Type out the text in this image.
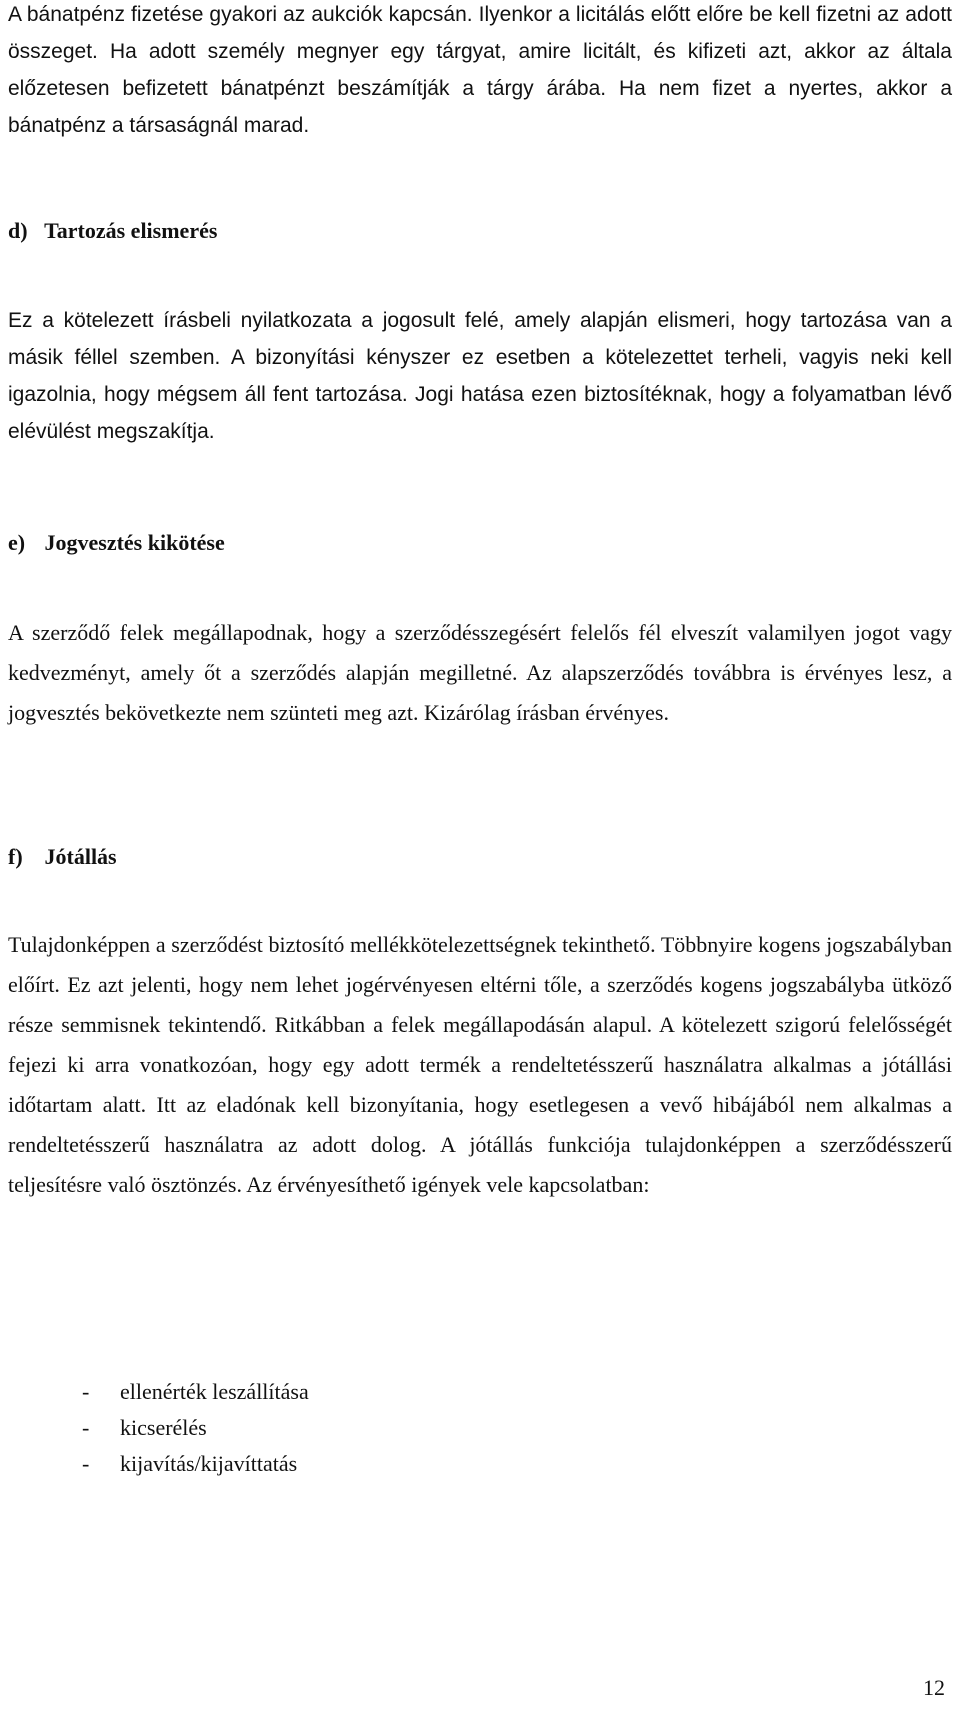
A bánatpénz fizetése gyakori az aukciók kapcsán. Ilyenkor a licitálás előtt előre be kell fizetni az adott összeget. Ha adott személy megnyer egy tárgyat, amire licitált, és kifizeti azt, akkor az általa előzetesen befizetett bánatpénzt beszámítják a tárgy árába. Ha nem fizet a nyertes, akkor a bánatpénz a társaságnál marad.

d) Tartozás elismerés

Ez a kötelezett írásbeli nyilatkozata a jogosult felé, amely alapján elismeri, hogy tartozása van a másik féllel szemben. A bizonyítási kényszer ez esetben a kötelezettet terheli, vagyis neki kell igazolnia, hogy mégsem áll fent tartozása. Jogi hatása ezen biztosítéknak, hogy a folyamatban lévő elévülést megszakítja.

e) Jogvesztés kikötése

A szerződő felek megállapodnak, hogy a szerződésszegésért felelős fél elveszít valamilyen jogot vagy kedvezményt, amely őt a szerződés alapján megilletné. Az alapszerződés továbbra is érvényes lesz, a jogvesztés bekövetkezte nem szünteti meg azt. Kizárólag írásban érvényes.

f) Jótállás

Tulajdonképpen a szerződést biztosító mellékkötelezettségnek tekinthető. Többnyire kogens jogszabályban előírt. Ez azt jelenti, hogy nem lehet jogérvényesen eltérni tőle, a szerződés kogens jogszabályba ütköző része semmisnek tekintendő. Ritkábban a felek megállapodásán alapul. A kötelezett szigorú felelősségét fejezi ki arra vonatkozóan, hogy egy adott termék a rendeltetésszerű használatra alkalmas a jótállási időtartam alatt. Itt az eladónak kell bizonyítania, hogy esetlegesen a vevő hibájából nem alkalmas a rendeltetésszerű használatra az adott dolog. A jótállás funkciója tulajdonképpen a szerződésszerű teljesítésre való ösztönzés. Az érvényesíthető igények vele kapcsolatban:

- ellenérték leszállítása
- kicserélés
- kijavítás/kijavíttatás
12
